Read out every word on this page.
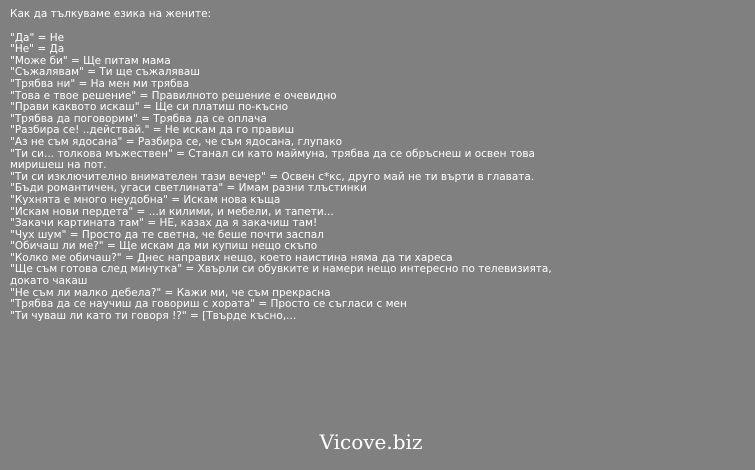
Как да тълкуваме езика на жените:

"Да" = Не

"Не" = Да

"Може би" = Ще питам мама

"Съжалявам" = Ти ще съжаляваш

"Трябва ни" = На мен ми трябва

"Това е твое решение" = Правилното решение е очевидно

"Прави каквото искаш" = Ще си платиш по-късно

"Трябва да поговорим" = Трябва да се оплача

"Разбира се! ..действай." = Не искам да го правиш

"Аз не съм ядосана" = Разбира се, че съм ядосана, глупако

"Ти си... толкова мъжествен" = Станал си като маймуна, трябва да се обръснеш и освен това миришеш на пот.

"Ти си изключително внимателен тази вечер" = Освен с*кс, друго май не ти върти в главата.

"Бъди романтичен, угаси светлината" = Имам разни тлъстинки

"Кухнята е много неудобна" = Искам нова къща

"Искам нови пердета" = ...и килими, и мебели, и тапети...

"Закачи картината там" = НЕ, казах да я закачиш там!

"Чух шум" = Просто да те светна, че беше почти заспал

"Обичаш ли ме?" = Ще искам да ми купиш нещо скъпо

"Колко ме обичаш?" = Днес направих нещо, което наистина няма да ти хареса

"Ще съм готова след минутка" = Хвърли си обувките и намери нещо интересно по телевизията, докато чакаш

"Не съм ли малко дебела?" = Кажи ми, че съм прекрасна

"Трябва да се научиш да говориш с хората" = Просто се съгласи с мен

"Ти чуваш ли като ти говоря !?" = [Твърде късно,...

Vicove.biz
